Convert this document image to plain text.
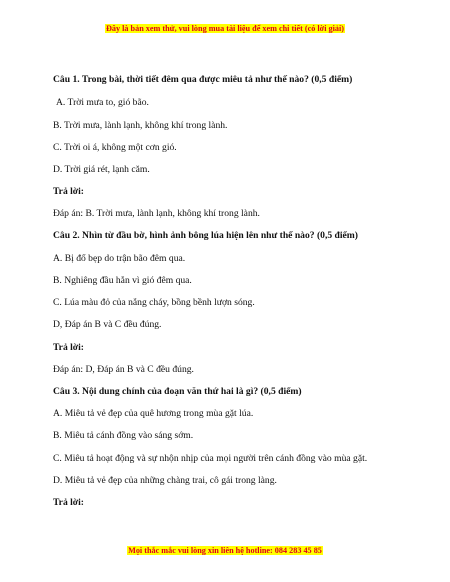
Đây là bản xem thử, vui lòng mua tài liệu để xem chi tiết (có lời giải)
Câu 1. Trong bài, thời tiết đêm qua được miêu tả như thế nào? (0,5 điểm)
A. Trời mưa to, gió bão.
B. Trời mưa, lành lạnh, không khí trong lành.
C. Trời oi á, không một cơn gió.
D. Trời giá rét, lạnh căm.
Trả lời:
Đáp án: B. Trời mưa, lành lạnh, không khí trong lành.
Câu 2. Nhìn từ đầu bờ, hình ảnh bông lúa hiện lên như thế nào? (0,5 điểm)
A. Bị đổ bẹp do trận bão đêm qua.
B. Nghiêng đầu hẳn vì gió đêm qua.
C. Lúa màu đỏ của nắng cháy, bồng bềnh lượn sóng.
D, Đáp án B và C đều đúng.
Trả lời:
Đáp án: D, Đáp án B và C đều đúng.
Câu 3. Nội dung chính của đoạn văn thứ hai là gì? (0,5 điểm)
A. Miêu tả vẻ đẹp của quê hương trong mùa gặt lúa.
B. Miêu tả cánh đồng vào sáng sớm.
C. Miêu tả hoạt động và sự nhộn nhịp của mọi người trên cánh đồng vào mùa gặt.
D. Miêu tả vẻ đẹp của những chàng trai, cô gái trong làng.
Trả lời:
Mọi thắc mắc vui lòng xin liên hệ hotline: 084 283 45 85
